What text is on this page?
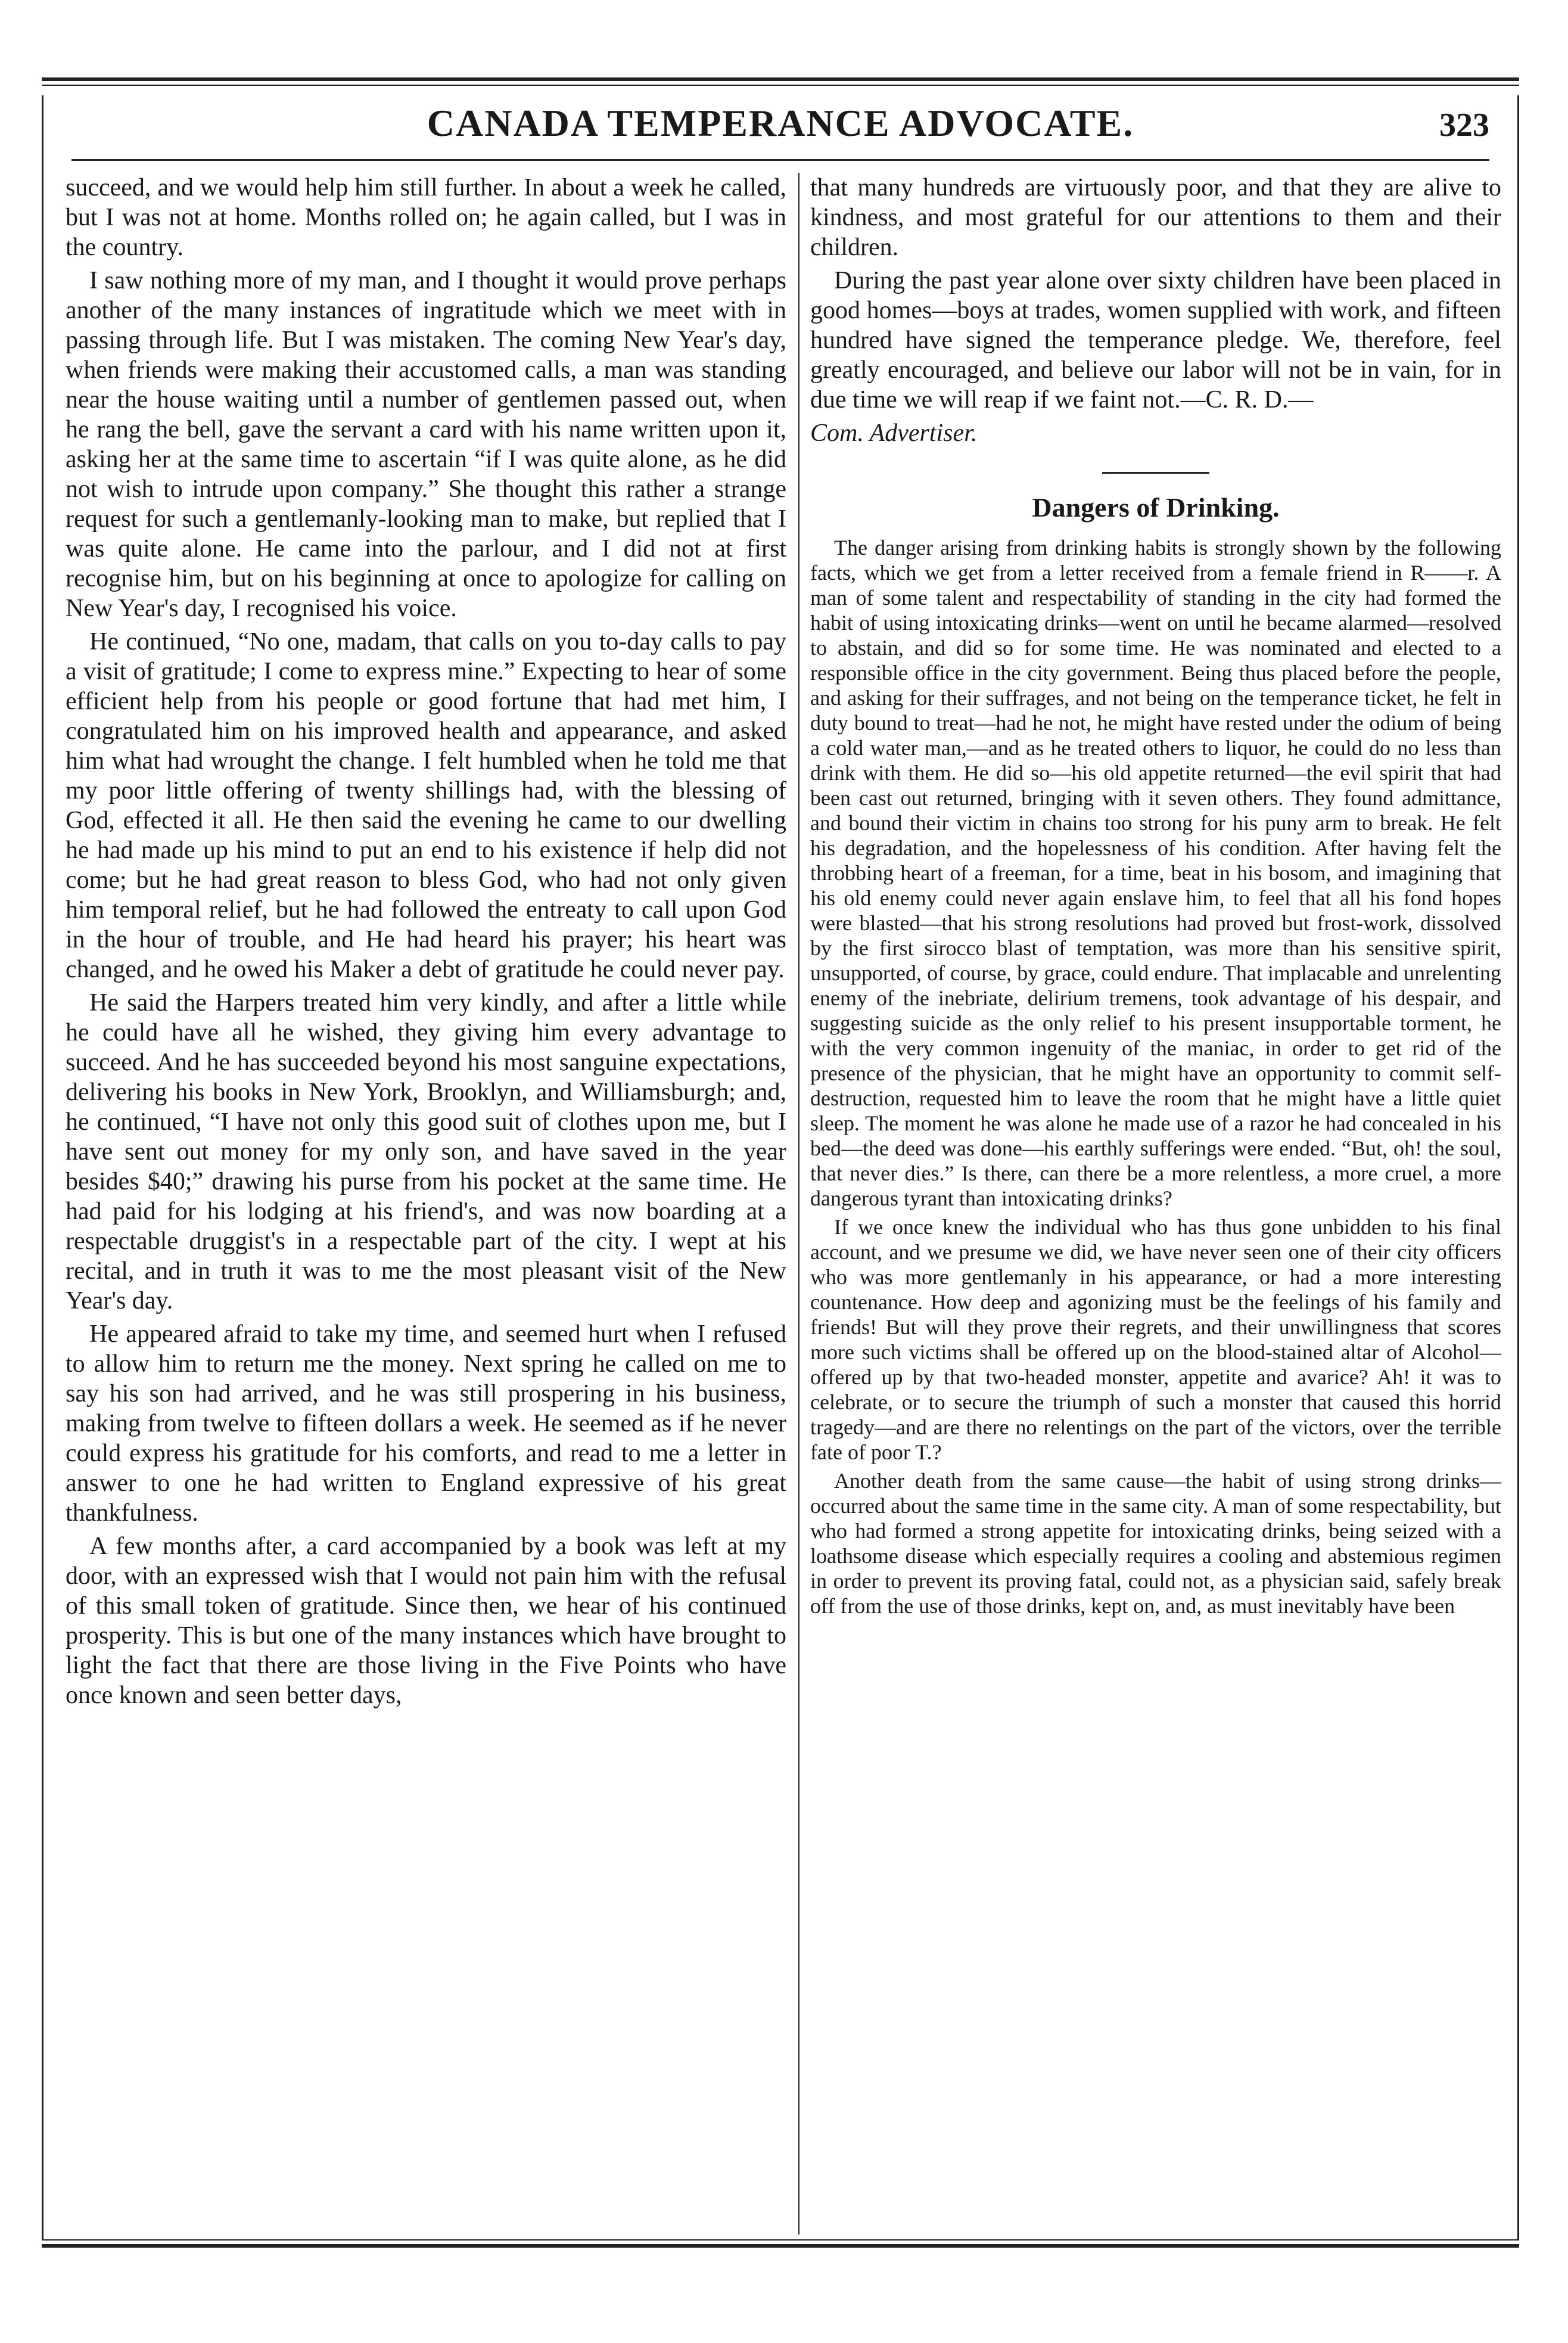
CANADA TEMPERANCE ADVOCATE.	323

succeed, and we would help him still further. In about a week he called, but I was not at home. Months rolled on; he again called, but I was in the country.

I saw nothing more of my man, and I thought it would prove perhaps another of the many instances of ingratitude which we meet with in passing through life. But I was mistaken. The coming New Year's day, when friends were making their accustomed calls, a man was standing near the house waiting until a number of gentlemen passed out, when he rang the bell, gave the servant a card with his name written upon it, asking her at the same time to ascertain “if I was quite alone, as he did not wish to intrude upon company.” She thought this rather a strange request for such a gentlemanly-looking man to make, but replied that I was quite alone. He came into the parlour, and I did not at first recognise him, but on his beginning at once to apologize for calling on New Year's day, I recognised his voice.

He continued, “No one, madam, that calls on you to-day calls to pay a visit of gratitude; I come to express mine.” Expecting to hear of some efficient help from his people or good fortune that had met him, I congratulated him on his improved health and appearance, and asked him what had wrought the change. I felt humbled when he told me that my poor little offering of twenty shillings had, with the blessing of God, effected it all. He then said the evening he came to our dwelling he had made up his mind to put an end to his existence if help did not come; but he had great reason to bless God, who had not only given him temporal relief, but he had followed the entreaty to call upon God in the hour of trouble, and He had heard his prayer; his heart was changed, and he owed his Maker a debt of gratitude he could never pay.

He said the Harpers treated him very kindly, and after a little while he could have all he wished, they giving him every advantage to succeed. And he has succeeded beyond his most sanguine expectations, delivering his books in New York, Brooklyn, and Williamsburgh; and, he continued, “I have not only this good suit of clothes upon me, but I have sent out money for my only son, and have saved in the year besides $40;” drawing his purse from his pocket at the same time. He had paid for his lodging at his friend's, and was now boarding at a respectable druggist's in a respectable part of the city. I wept at his recital, and in truth it was to me the most pleasant visit of the New Year's day.

He appeared afraid to take my time, and seemed hurt when I refused to allow him to return me the money. Next spring he called on me to say his son had arrived, and he was still prospering in his business, making from twelve to fifteen dollars a week. He seemed as if he never could express his gratitude for his comforts, and read to me a letter in answer to one he had written to England expressive of his great thankfulness.

A few months after, a card accompanied by a book was left at my door, with an expressed wish that I would not pain him with the refusal of this small token of gratitude. Since then, we hear of his continued prosperity. This is but one of the many instances which have brought to light the fact that there are those living in the Five Points who have once known and seen better days,

that many hundreds are virtuously poor, and that they are alive to kindness, and most grateful for our attentions to them and their children.

During the past year alone over sixty children have been placed in good homes—boys at trades, women supplied with work, and fifteen hundred have signed the temperance pledge. We, therefore, feel greatly encouraged, and believe our labor will not be in vain, for in due time we will reap if we faint not.—C. R. D.—

Com. Advertiser.

Dangers of Drinking.

The danger arising from drinking habits is strongly shown by the following facts, which we get from a letter received from a female friend in R——r. A man of some talent and respectability of standing in the city had formed the habit of using intoxicating drinks—went on until he became alarmed—resolved to abstain, and did so for some time. He was nominated and elected to a responsible office in the city government. Being thus placed before the people, and asking for their suffrages, and not being on the temperance ticket, he felt in duty bound to treat—had he not, he might have rested under the odium of being a cold water man,—and as he treated others to liquor, he could do no less than drink with them. He did so—his old appetite returned—the evil spirit that had been cast out returned, bringing with it seven others. They found admittance, and bound their victim in chains too strong for his puny arm to break. He felt his degradation, and the hopelessness of his condition. After having felt the throbbing heart of a freeman, for a time, beat in his bosom, and imagining that his old enemy could never again enslave him, to feel that all his fond hopes were blasted—that his strong resolutions had proved but frost-work, dissolved by the first sirocco blast of temptation, was more than his sensitive spirit, unsupported, of course, by grace, could endure. That implacable and unrelenting enemy of the inebriate, delirium tremens, took advantage of his despair, and suggesting suicide as the only relief to his present insupportable torment, he with the very common ingenuity of the maniac, in order to get rid of the presence of the physician, that he might have an opportunity to commit self-destruction, requested him to leave the room that he might have a little quiet sleep. The moment he was alone he made use of a razor he had concealed in his bed—the deed was done—his earthly sufferings were ended. “But, oh! the soul, that never dies.” Is there, can there be a more relentless, a more cruel, a more dangerous tyrant than intoxicating drinks?

If we once knew the individual who has thus gone unbidden to his final account, and we presume we did, we have never seen one of their city officers who was more gentlemanly in his appearance, or had a more interesting countenance. How deep and agonizing must be the feelings of his family and friends! But will they prove their regrets, and their unwillingness that scores more such victims shall be offered up on the blood-stained altar of Alcohol—offered up by that two-headed monster, appetite and avarice? Ah! it was to celebrate, or to secure the triumph of such a monster that caused this horrid tragedy—and are there no relentings on the part of the victors, over the terrible fate of poor T.?

Another death from the same cause—the habit of using strong drinks—occurred about the same time in the same city. A man of some respectability, but who had formed a strong appetite for intoxicating drinks, being seized with a loathsome disease which especially requires a cooling and abstemious regimen in order to prevent its proving fatal, could not, as a physician said, safely break off from the use of those drinks, kept on, and, as must inevitably have been
